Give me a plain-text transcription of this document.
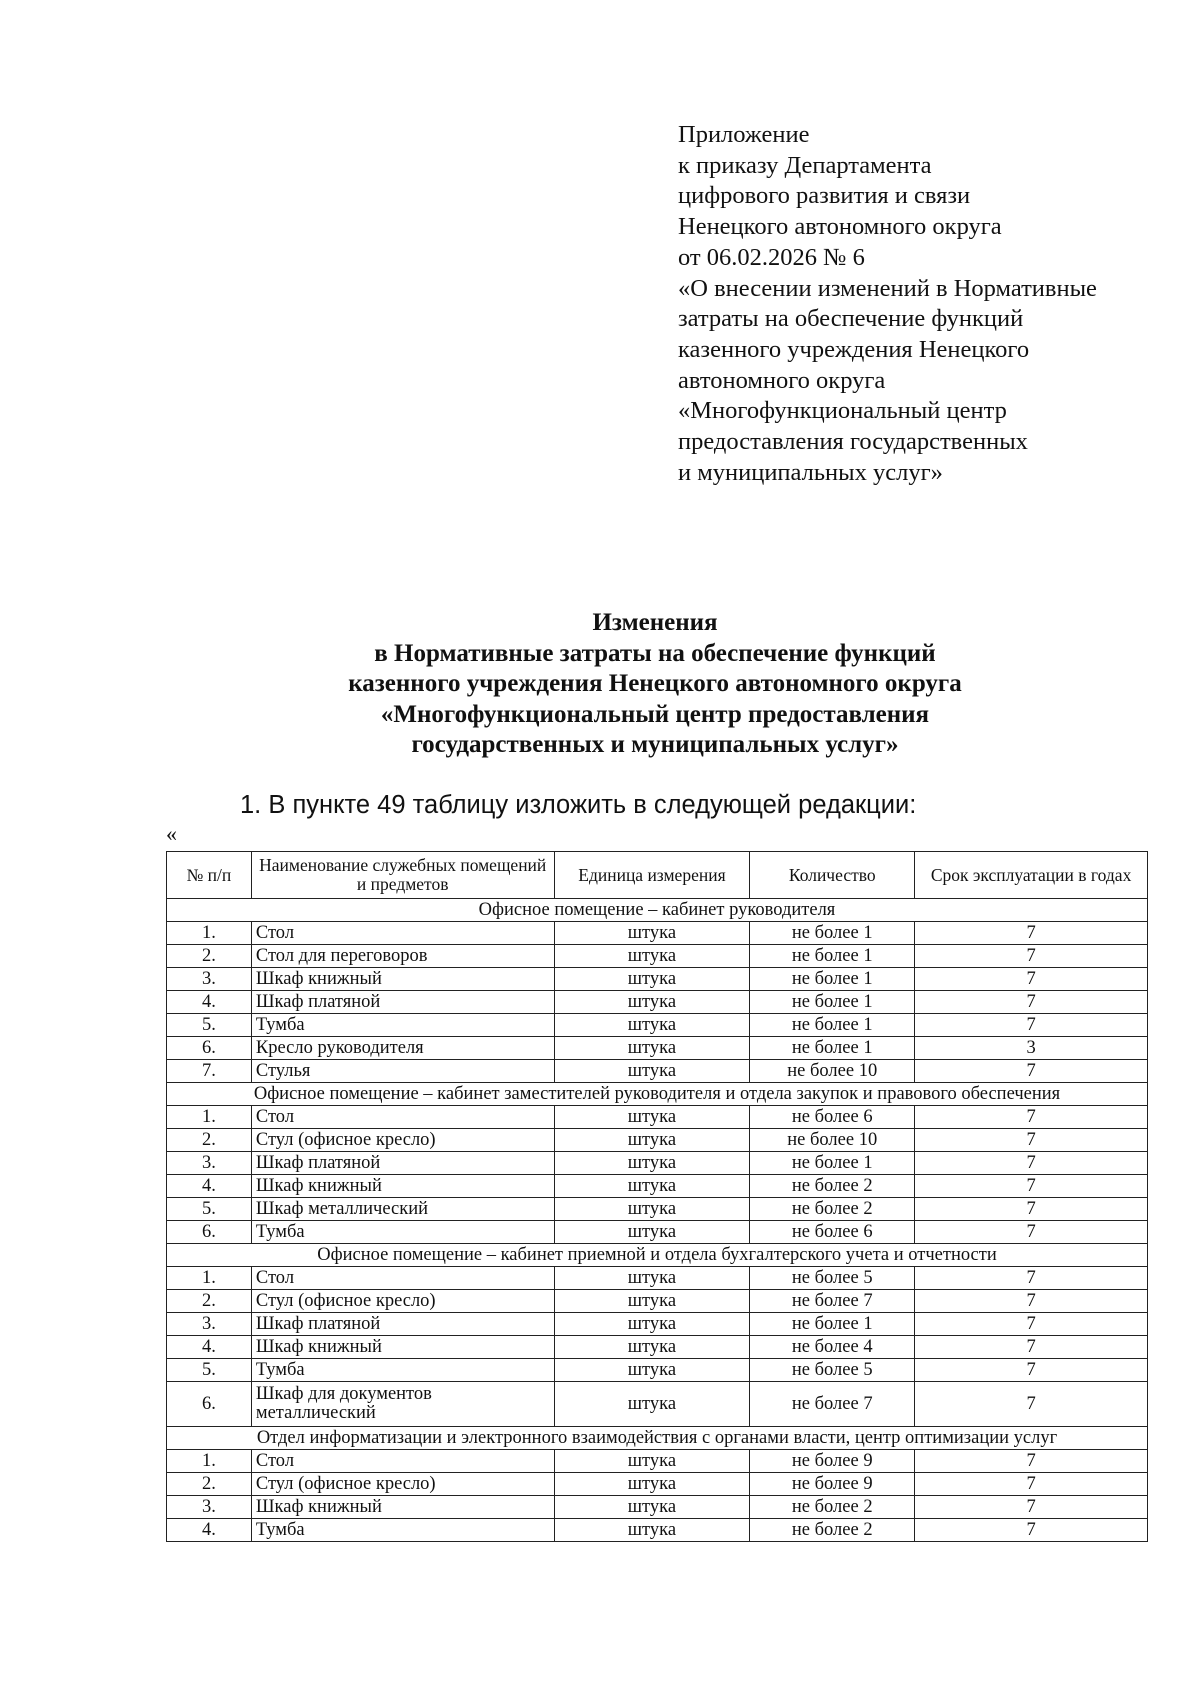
Приложение
к приказу Департамента
цифрового развития и связи
Ненецкого автономного округа
от 06.02.2026 № 6
«О внесении изменений в Нормативные
затраты на обеспечение функций
казенного учреждения Ненецкого
автономного округа
«Многофункциональный центр
предоставления государственных
и муниципальных услуг»
Изменения
в Нормативные затраты на обеспечение функций
казенного учреждения Ненецкого автономного округа
«Многофункциональный центр предоставления
государственных и муниципальных услуг»
1. В пункте 49 таблицу изложить в следующей редакции:
«
№ п/п	Наименование служебных помещений и предметов	Единица измерения	Количество	Срок эксплуатации в годах
Офисное помещение – кабинет руководителя				
1.	Стол	штука	не более 1	7
2.	Стол для переговоров	штука	не более 1	7
3.	Шкаф книжный	штука	не более 1	7
4.	Шкаф платяной	штука	не более 1	7
5.	Тумба	штука	не более 1	7
6.	Кресло руководителя	штука	не более 1	3
7.	Стулья	штука	не более 10	7
Офисное помещение – кабинет заместителей руководителя и отдела закупок и правового обеспечения				
1.	Стол	штука	не более 6	7
2.	Стул (офисное кресло)	штука	не более 10	7
3.	Шкаф платяной	штука	не более 1	7
4.	Шкаф книжный	штука	не более 2	7
5.	Шкаф металлический	штука	не более 2	7
6.	Тумба	штука	не более 6	7
Офисное помещение – кабинет приемной и отдела бухгалтерского учета и отчетности				
1.	Стол	штука	не более 5	7
2.	Стул (офисное кресло)	штука	не более 7	7
3.	Шкаф платяной	штука	не более 1	7
4.	Шкаф книжный	штука	не более 4	7
5.	Тумба	штука	не более 5	7
6.	Шкаф для документов металлический	штука	не более 7	7
Отдел информатизации и электронного взаимодействия с органами власти, центр оптимизации услуг				
1.	Стол	штука	не более 9	7
2.	Стул (офисное кресло)	штука	не более 9	7
3.	Шкаф книжный	штука	не более 2	7
4.	Тумба	штука	не более 2	7
